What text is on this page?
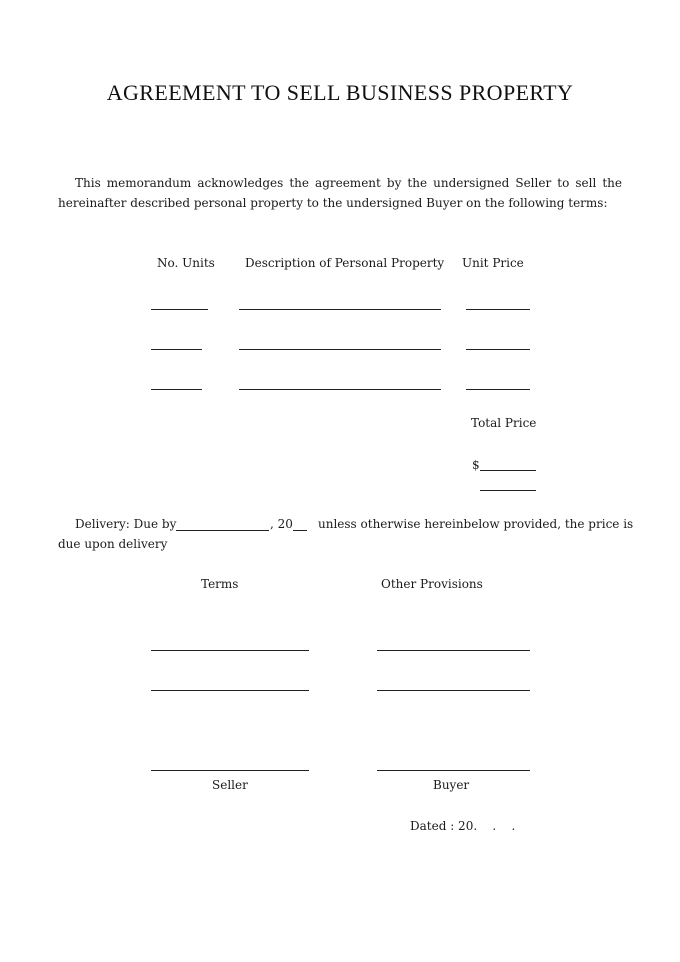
AGREEMENT TO SELL BUSINESS PROPERTY
This memorandum acknowledges the agreement by the undersigned Seller to sell the
hereinafter described personal property to the undersigned Buyer on the following terms:
No. Units	Description of Personal Property Unit Price
Total Price
$
Delivery: Due by	, 20 unless otherwise hereinbelow provided, the price is
due upon delivery
Terms	Other Provisions
Seller	Buyer
Dated : 20.    .    .
